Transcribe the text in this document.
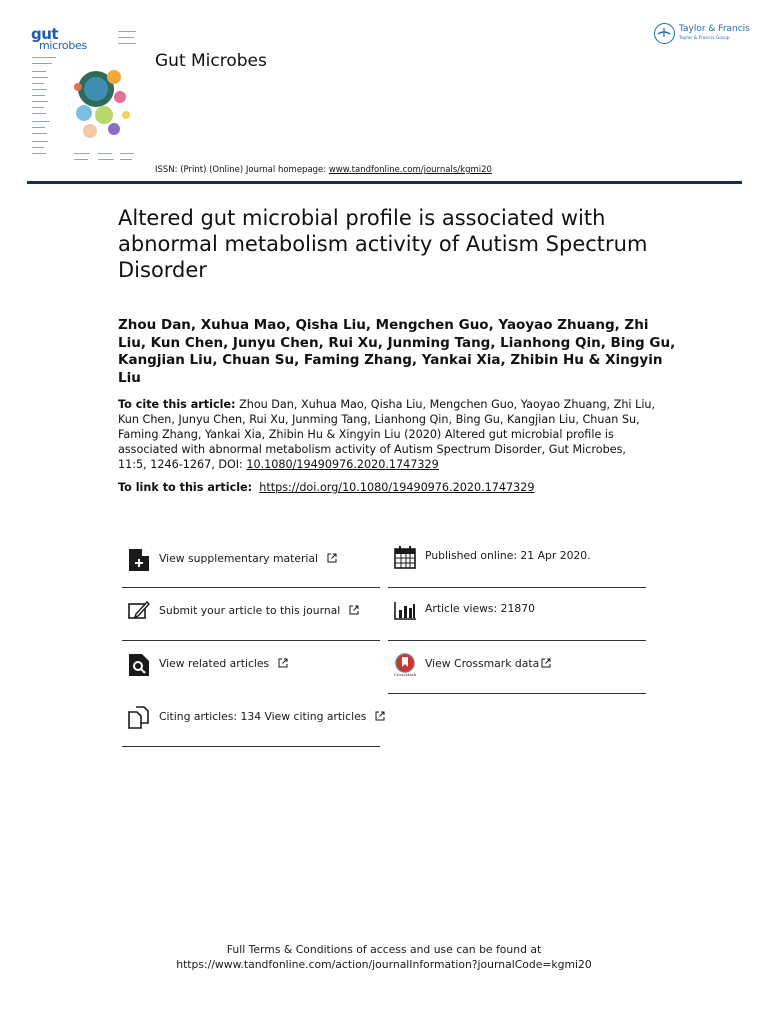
gut
microbes
Gut Microbes
Taylor & Francis
Taylor & Francis Group
ISSN: (Print) (Online) Journal homepage: www.tandfonline.com/journals/kgmi20
Altered gut microbial profile is associated with abnormal metabolism activity of Autism Spectrum Disorder
Zhou Dan, Xuhua Mao, Qisha Liu, Mengchen Guo, Yaoyao Zhuang, Zhi Liu, Kun Chen, Junyu Chen, Rui Xu, Junming Tang, Lianhong Qin, Bing Gu, Kangjian Liu, Chuan Su, Faming Zhang, Yankai Xia, Zhibin Hu & Xingyin Liu
To cite this article: Zhou Dan, Xuhua Mao, Qisha Liu, Mengchen Guo, Yaoyao Zhuang, Zhi Liu, Kun Chen, Junyu Chen, Rui Xu, Junming Tang, Lianhong Qin, Bing Gu, Kangjian Liu, Chuan Su, Faming Zhang, Yankai Xia, Zhibin Hu & Xingyin Liu (2020) Altered gut microbial profile is associated with abnormal metabolism activity of Autism Spectrum Disorder, Gut Microbes, 11:5, 1246-1267, DOI: 10.1080/19490976.2020.1747329
To link to this article: https://doi.org/10.1080/19490976.2020.1747329
View supplementary material
Submit your article to this journal
View related articles
Citing articles: 134 View citing articles
Published online: 21 Apr 2020.
Article views: 21870
CrossMark
View Crossmark data
Full Terms & Conditions of access and use can be found at
https://www.tandfonline.com/action/journalInformation?journalCode=kgmi20
